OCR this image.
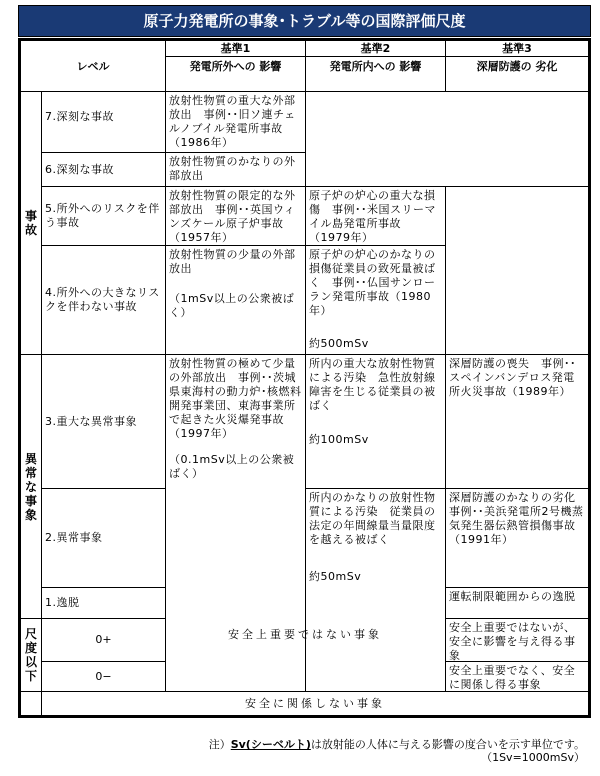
原子力発電所の事象･トラブル等の国際評価尺度
レベル
基準1
発電所外への 影響
基準2
発電所内への 影響
基準3
深層防護の 劣化
事故
異常な事象
尺度以下
7.深刻な事故
6.深刻な事故
5.所外へのリスクを伴う事故
4.所外への大きなリスクを伴わない事故
3.重大な異常事象
2.異常事象
1.逸脱
0+
0−
放射性物質の重大な外部放出　事例･･旧ソ連チェルノブイル発電所事故（1986年）
放射性物質のかなりの外部放出
放射性物質の限定的な外部放出　事例･･英国ウィンズケール原子炉事故（1957年）
放射性物質の少量の外部放出
（1mSv以上の公衆被ばく）
放射性物質の極めて少量の外部放出　事例･･茨城県東海村の動力炉･核燃料開発事業団、東海事業所で起きた火災爆発事故（1997年）
（0.1mSv以上の公衆被ばく）
原子炉の炉心の重大な損傷　事例･･米国スリーマイル島発電所事故（1979年）
原子炉の炉心のかなりの損傷従業員の致死量被ばく　事例･･仏国サンローラン発電所事故（1980年）
約500mSv
所内の重大な放射性物質による汚染　急性放射線障害を生じる従業員の被ばく
約100mSv
所内のかなりの放射性物質による汚染　従業員の法定の年間線量当量限度を越える被ばく
約50mSv
深層防護の喪失　事例･･スペインバンデロス発電所火災事故（1989年）
深層防護のかなりの劣化　事例･･美浜発電所2号機蒸気発生器伝熱管損傷事故（1991年）
運転制限範囲からの逸脱
安全上重要ではないが、安全に影響を与え得る事象
安全上重要でなく、安全に関係し得る事象
安全上重要ではない事象
安全に関係しない事象
注）Sv(シーベルト)は放射能の人体に与える影響の度合いを示す単位です。
（1Sv=1000mSv）
